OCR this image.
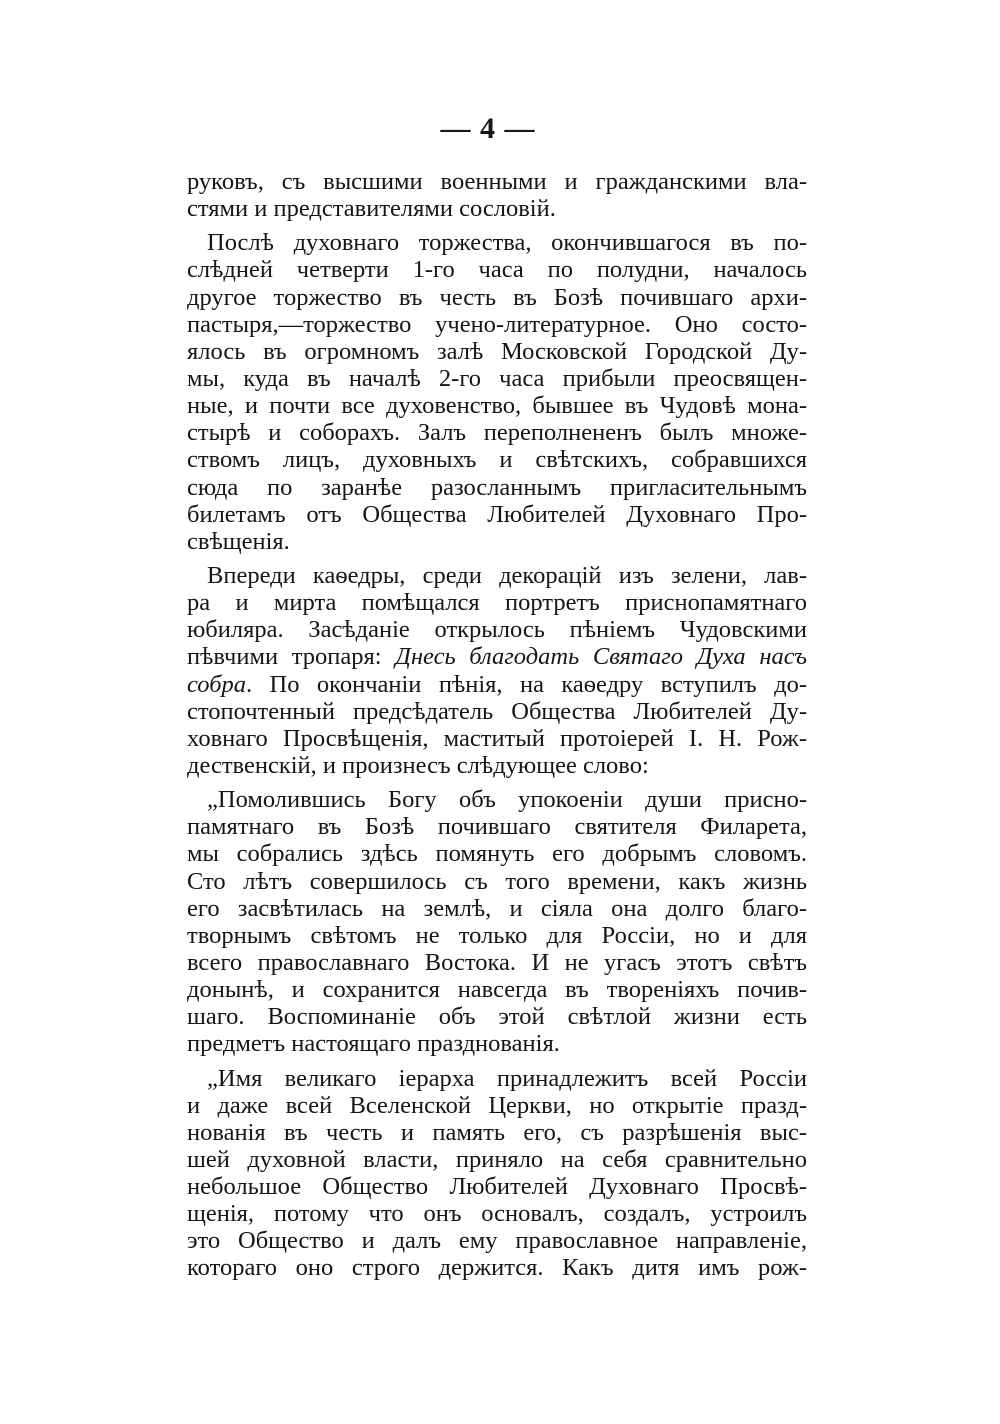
— 4 —
руковъ, съ высшими военными и гражданскими вла-
стями и представителями сословій.
Послѣ духовнаго торжества, окончившагося въ по-
слѣдней четверти 1-го часа по полудни, началось
другое торжество въ честь въ Бозѣ почившаго архи-
пастыря,—торжество учено-литературное. Оно состо-
ялось въ огромномъ залѣ Московской Городской Ду-
мы, куда въ началѣ 2-го часа прибыли преосвящен-
ные, и почти все духовенство, бывшее въ Чудовѣ мона-
стырѣ и соборахъ. Залъ переполнененъ былъ множе-
ствомъ лицъ, духовныхъ и свѣтскихъ, собравшихся
сюда по заранѣе разосланнымъ пригласительнымъ
билетамъ отъ Общества Любителей Духовнаго Про-
свѣщенія.
Впереди каѳедры, среди декорацій изъ зелени, лав-
ра и мирта помѣщался портретъ приснопамятнаго
юбиляра. Засѣданіе открылось пѣніемъ Чудовскими
пѣвчими тропаря: Днесь благодать Святаго Духа насъ
собра. По окончаніи пѣнія, на каѳедру вступилъ до-
стопочтенный предсѣдатель Общества Любителей Ду-
ховнаго Просвѣщенія, маститый протоіерей І. Н. Рож-
дественскій, и произнесъ слѣдующее слово:
„Помолившись Богу объ упокоеніи души присно-
памятнаго въ Бозѣ почившаго святителя Филарета,
мы собрались здѣсь помянуть его добрымъ словомъ.
Сто лѣтъ совершилось съ того времени, какъ жизнь
его засвѣтилась на землѣ, и сіяла она долго благо-
творнымъ свѣтомъ не только для Россіи, но и для
всего православнаго Востока. И не угасъ этотъ свѣтъ
донынѣ, и сохранится навсегда въ твореніяхъ почив-
шаго. Воспоминаніе объ этой свѣтлой жизни есть
предметъ настоящаго празднованія.
„Имя великаго іерарха принадлежитъ всей Россіи
и даже всей Вселенской Церкви, но открытіе празд-
нованія въ честь и память его, съ разрѣшенія выс-
шей духовной власти, приняло на себя сравнительно
небольшое Общество Любителей Духовнаго Просвѣ-
щенія, потому что онъ основалъ, создалъ, устроилъ
это Общество и далъ ему православное направленіе,
котораго оно строго держится. Какъ дитя имъ рож-
